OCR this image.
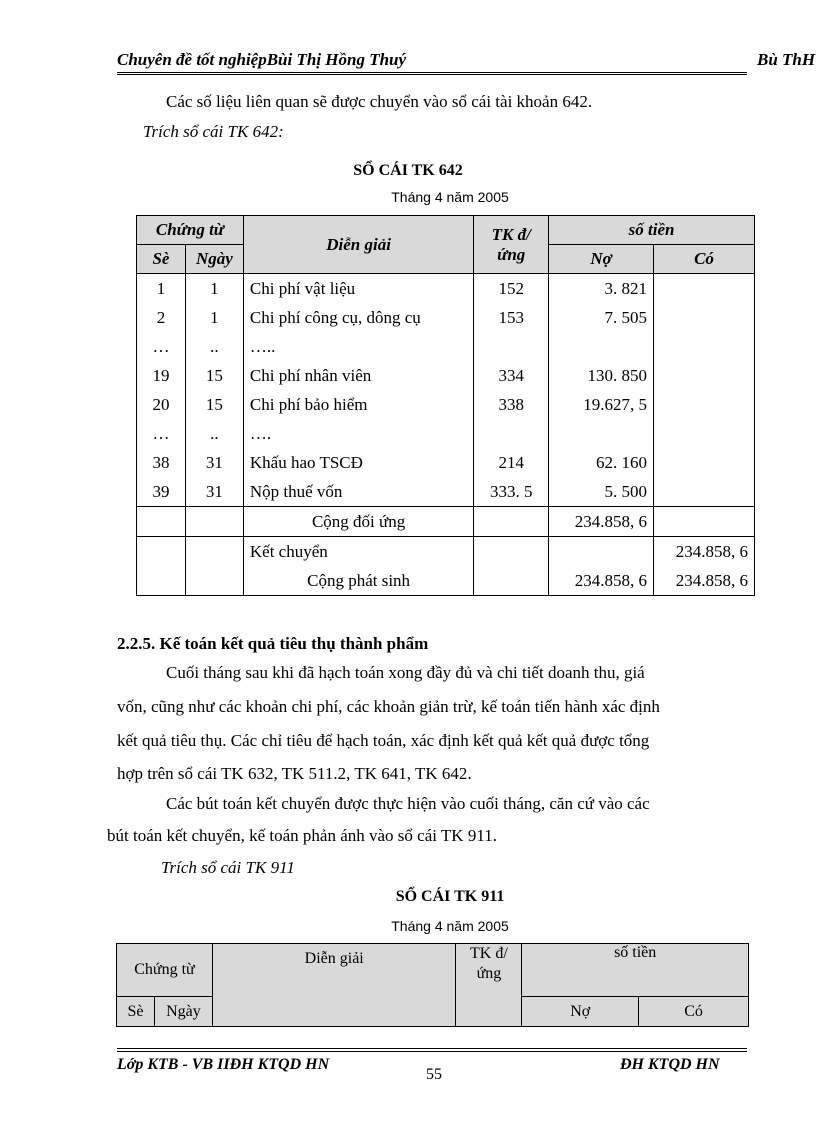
Chuyên đề tốt nghiệpBùi Thị Hồng Thuý	Bù ThH
Các số liệu liên quan sẽ được chuyển vào sổ cái tài khoản 642.
Trích sổ cái TK 642:
SỔ CÁI TK 642
Tháng 4 năm 2005
Chứng từ		Diễn giải	TK đ/ ứng	số tiền	
Sè	Ngày			Nợ	Có
1	1	Chi phí vật liệu	152	3. 821	
2	1	Chi phí công cụ, dông cụ	153	7. 505	
…	..	…..			
19	15	Chi phí nhân viên	334	130. 850	
20	15	Chi phí bảo hiểm	338	19.627, 5	
…	..	….			
38	31	Khấu hao TSCĐ	214	62. 160	
39	31	Nộp thuế vốn	333. 5	5. 500	
		Cộng đối ứng		234.858, 6	
		Kết chuyển			234.858, 6
		Cộng phát sinh		234.858, 6	234.858, 6
2.2.5. Kế toán kết quả tiêu thụ thành phẩm
Cuối tháng sau khi đã hạch toán xong đầy đủ và chi tiết doanh thu, giá
vốn, cũng như các khoản chi phí, các khoản giản trừ, kế toán tiến hành xác định
kết quả tiêu thụ. Các chỉ tiêu để hạch toán, xác định kết quả kết quả được tổng
hợp trên sổ cái TK 632, TK 511.2, TK 641, TK 642.
Các bút toán kết chuyển được thực hiện vào cuối tháng, căn cứ vào các
bút toán kết chuyển, kế toán phản ánh vào sổ cái TK 911.
Trích sổ cái TK 911
SỔ CÁI TK 911
Tháng 4 năm 2005
Chứng từ		Diễn giải	TK đ/ ứng	số tiền	
Sè	Ngày			Nợ	Có
Lớp KTB - VB IIĐH KTQD HN	ĐH KTQD HN
55
